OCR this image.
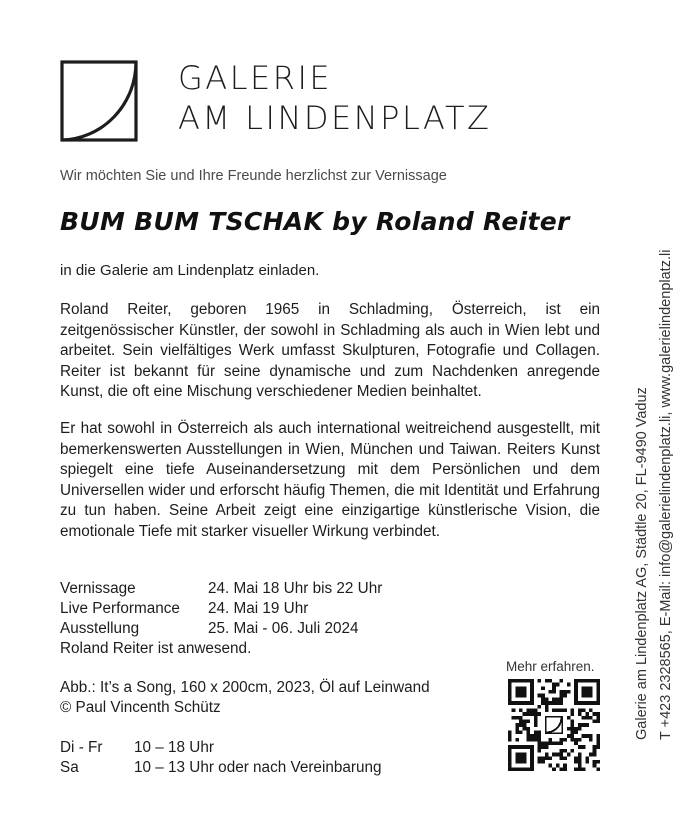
GALERIE
AM LINDENPLATZ
Wir möchten Sie und Ihre Freunde herzlichst zur Vernissage
BUM BUM TSCHAK by Roland Reiter
in die Galerie am Lindenplatz einladen.
Roland Reiter, geboren 1965 in Schladming, Österreich, ist ein zeitgenössischer Künstler, der sowohl in Schladming als auch in Wien lebt und arbeitet. Sein vielfältiges Werk umfasst Skulpturen, Fotografie und Collagen. Reiter ist bekannt für seine dynamische und zum Nachdenken anregende Kunst, die oft eine Mischung verschiedener Medien beinhaltet.
Er hat sowohl in Österreich als auch international weitreichend ausgestellt, mit bemerkenswerten Ausstellungen in Wien, München und Taiwan. Reiters Kunst spiegelt eine tiefe Auseinandersetzung mit dem Persönlichen und dem Universellen wider und erforscht häufig Themen, die mit Identität und Erfahrung zu tun haben. Seine Arbeit zeigt eine einzigartige künstlerische Vision, die emotionale Tiefe mit starker visueller Wirkung verbindet.
Vernissage	24. Mai 18 Uhr bis 22 Uhr
Live Performance	24. Mai 19 Uhr
Ausstellung	25. Mai - 06. Juli 2024
Roland Reiter ist anwesend.
Abb.: It’s a Song, 160 x 200cm, 2023, Öl auf Leinwand
© Paul Vincenth Schütz
Di - Fr	10 – 18 Uhr
Sa	10 – 13 Uhr oder nach Vereinbarung
Mehr erfahren.	Galerie am Lindenplatz AG, Städtle 20, FL-9490 Vaduz T +423 2328565, E-Mail: info@galerielindenplatz.li, www.galerielindenplatz.li
